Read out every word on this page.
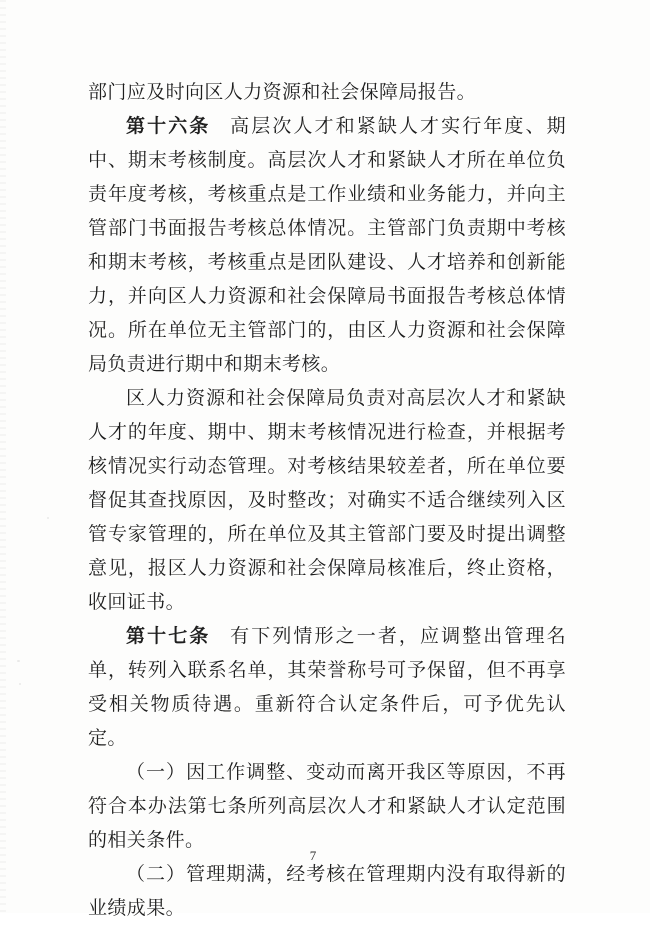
部门应及时向区人力资源和社会保障局报告。

第十六条 高层次人才和紧缺人才实行年度、期中、期末考核制度。高层次人才和紧缺人才所在单位负责年度考核，考核重点是工作业绩和业务能力，并向主管部门书面报告考核总体情况。主管部门负责期中考核和期末考核，考核重点是团队建设、人才培养和创新能力，并向区人力资源和社会保障局书面报告考核总体情况。所在单位无主管部门的，由区人力资源和社会保障局负责进行期中和期末考核。

区人力资源和社会保障局负责对高层次人才和紧缺人才的年度、期中、期末考核情况进行检查，并根据考核情况实行动态管理。对考核结果较差者，所在单位要督促其查找原因，及时整改；对确实不适合继续列入区管专家管理的，所在单位及其主管部门要及时提出调整意见，报区人力资源和社会保障局核准后，终止资格，收回证书。

第十七条 有下列情形之一者，应调整出管理名单，转列入联系名单，其荣誉称号可予保留，但不再享受相关物质待遇。重新符合认定条件后，可予优先认定。

（一）因工作调整、变动而离开我区等原因，不再符合本办法第七条所列高层次人才和紧缺人才认定范围的相关条件。

（二）管理期满，经考核在管理期内没有取得新的业绩成果。

7
